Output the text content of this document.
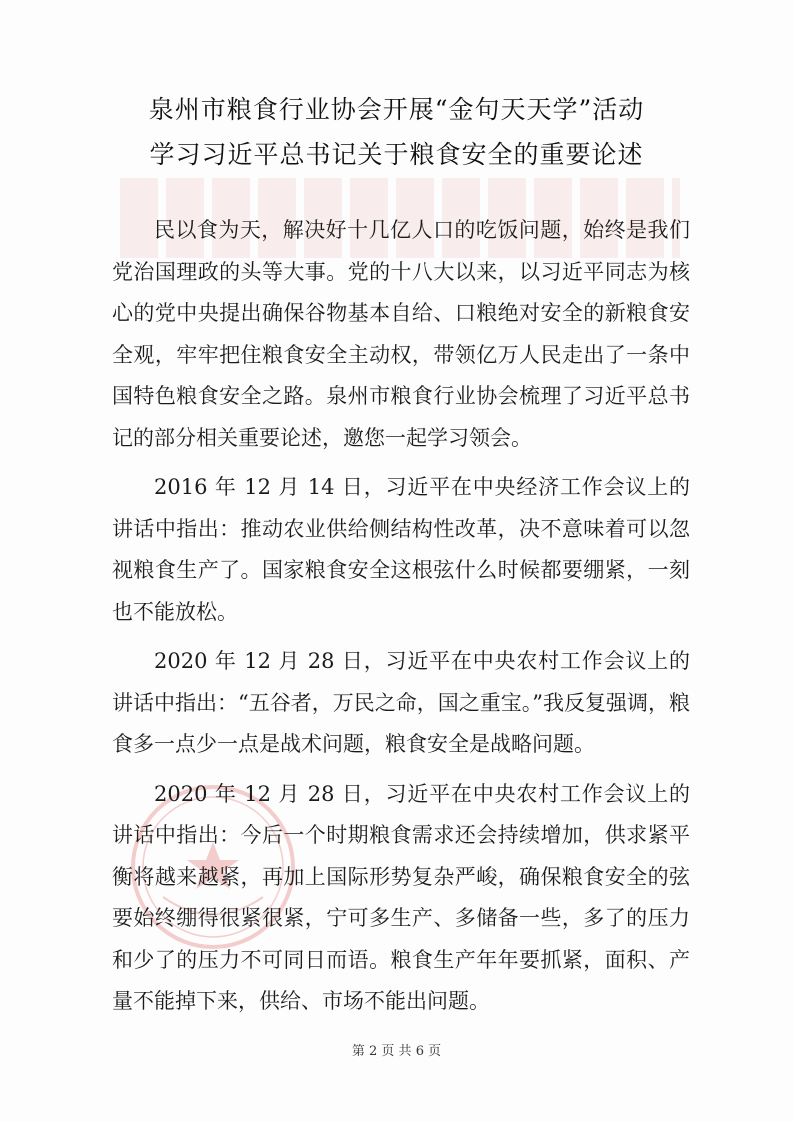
泉州市粮食行业协会开展“金句天天学”活动
学习习近平总书记关于粮食安全的重要论述

民以食为天，解决好十几亿人口的吃饭问题，始终是我们党治国理政的头等大事。党的十八大以来，以习近平同志为核心的党中央提出确保谷物基本自给、口粮绝对安全的新粮食安全观，牢牢把住粮食安全主动权，带领亿万人民走出了一条中国特色粮食安全之路。泉州市粮食行业协会梳理了习近平总书记的部分相关重要论述，邀您一起学习领会。

2016 年 12 月 14 日，习近平在中央经济工作会议上的讲话中指出：推动农业供给侧结构性改革，决不意味着可以忽视粮食生产了。国家粮食安全这根弦什么时候都要绷紧，一刻也不能放松。

2020 年 12 月 28 日，习近平在中央农村工作会议上的讲话中指出：“五谷者，万民之命，国之重宝。”我反复强调，粮食多一点少一点是战术问题，粮食安全是战略问题。

2020 年 12 月 28 日，习近平在中央农村工作会议上的讲话中指出：今后一个时期粮食需求还会持续增加，供求紧平衡将越来越紧，再加上国际形势复杂严峻，确保粮食安全的弦要始终绷得很紧很紧，宁可多生产、多储备一些，多了的压力和少了的压力不可同日而语。粮食生产年年要抓紧，面积、产量不能掉下来，供给、市场不能出问题。

第 2 页 共 6 页
